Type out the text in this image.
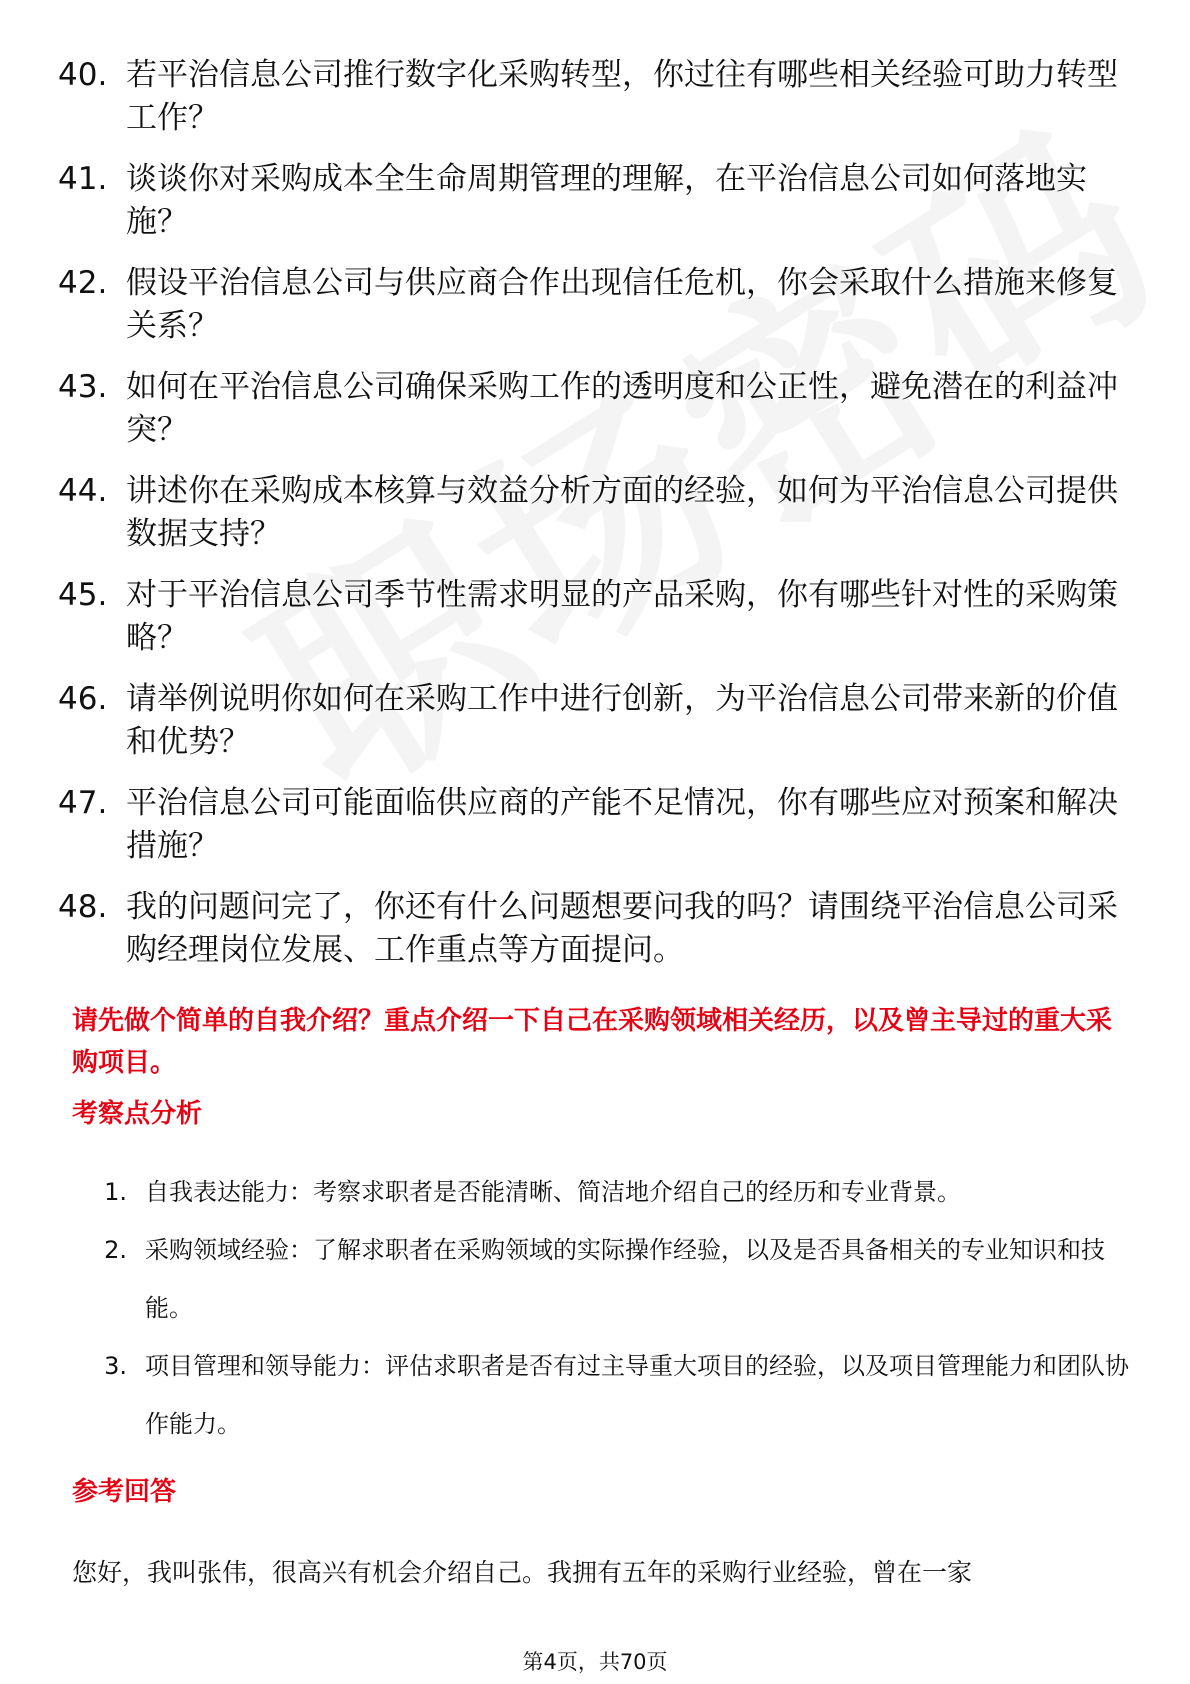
40. 若平治信息公司推行数字化采购转型，你过往有哪些相关经验可助力转型工作？
41. 谈谈你对采购成本全生命周期管理的理解，在平治信息公司如何落地实施？
42. 假设平治信息公司与供应商合作出现信任危机，你会采取什么措施来修复关系？
43. 如何在平治信息公司确保采购工作的透明度和公正性，避免潜在的利益冲突？
44. 讲述你在采购成本核算与效益分析方面的经验，如何为平治信息公司提供数据支持？
45. 对于平治信息公司季节性需求明显的产品采购，你有哪些针对性的采购策略？
46. 请举例说明你如何在采购工作中进行创新，为平治信息公司带来新的价值和优势？
47. 平治信息公司可能面临供应商的产能不足情况，你有哪些应对预案和解决措施？
48. 我的问题问完了，你还有什么问题想要问我的吗？请围绕平治信息公司采购经理岗位发展、工作重点等方面提问。

请先做个简单的自我介绍？重点介绍一下自己在采购领域相关经历，以及曾主导过的重大采购项目。

考察点分析
1. 自我表达能力：考察求职者是否能清晰、简洁地介绍自己的经历和专业背景。
2. 采购领域经验：了解求职者在采购领域的实际操作经验，以及是否具备相关的专业知识和技能。
3. 项目管理和领导能力：评估求职者是否有过主导重大项目的经验，以及项目管理能力和团队协作能力。
参考回答

您好，我叫张伟，很高兴有机会介绍自己。我拥有五年的采购行业经验，曾在一家

第4页，共70页
